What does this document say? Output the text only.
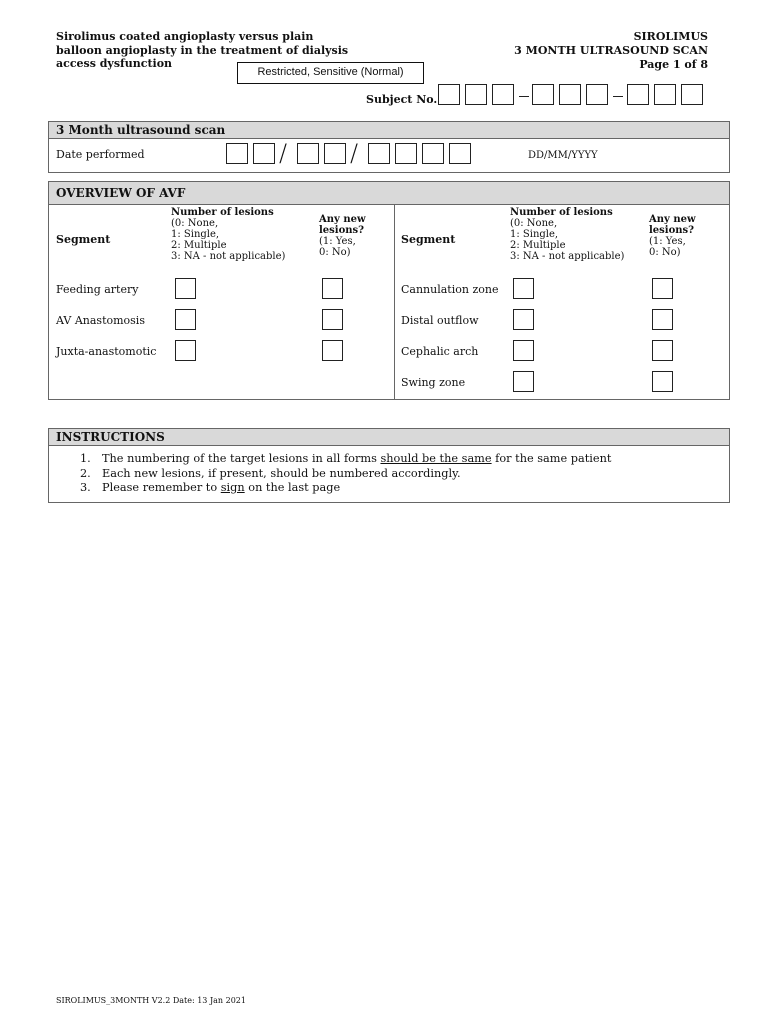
Sirolimus coated angioplasty versus plain
balloon angioplasty in the treatment of dialysis
access dysfunction
SIROLIMUS
3 MONTH ULTRASOUND SCAN
Page 1 of 8
Restricted, Sensitive (Normal)
Subject No.
3 Month ultrasound scan
Date performed	DD/MM/YYYY
/	/
OVERVIEW OF AVF
Segment
Number of lesions
(0: None,
1: Single,
2: Multiple
3: NA - not applicable)
Any new
lesions?
(1: Yes,
0: No)
Segment
Number of lesions
(0: None,
1: Single,
2: Multiple
3: NA - not applicable)
Any new
lesions?
(1: Yes,
0: No)
Feeding artery
AV Anastomosis
Juxta-anastomotic
Cannulation zone
Distal outflow
Cephalic arch
Swing zone
INSTRUCTIONS
1. The numbering of the target lesions in all forms should be the same for the same patient
2. Each new lesions, if present, should be numbered accordingly.
3. Please remember to sign on the last page
SIROLIMUS_3MONTH V2.2 Date: 13 Jan 2021
